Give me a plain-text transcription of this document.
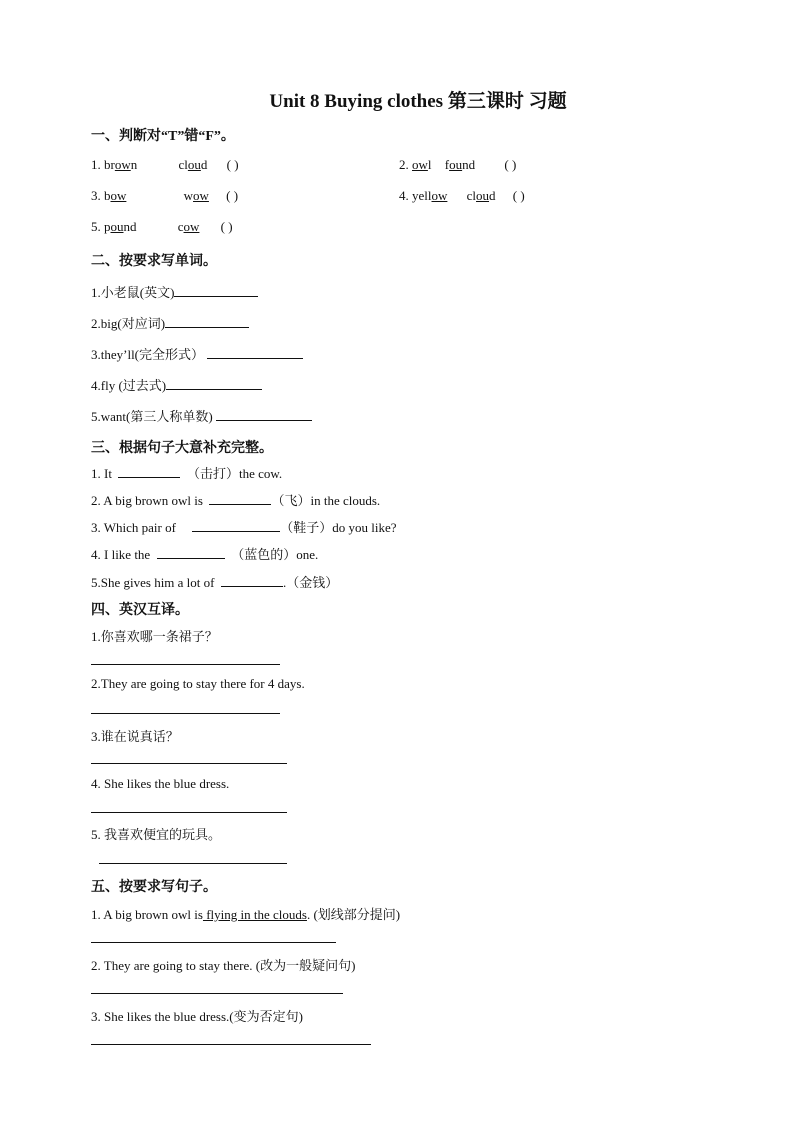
Unit 8 Buying clothes 第三课时 习题
一、判断对“T”错“F”。
1. brown	cloud ( )	2. owl found ( )
3. bow	wow ( )	4. yellow cloud ( )
5. pound	cow ( )
二、按要求写单词。
1.小老鼠(英文)
2.big(对应词)
3.they’ll(完全形式）
4.fly (过去式)
5.want(第三人称单数)
三、根据句子大意补充完整。
1. It	（击打）the cow.
2. A big brown owl is	（飞）in the clouds.
3. Which pair of	（鞋子）do you like?
4. I like the	（蓝色的）one.
5.She gives him a lot of	.（金钱）
四、英汉互译。
1.你喜欢哪一条裙子？
2.They are going to stay there for 4 days.
3.谁在说真话？
4. She likes the blue dress.
5. 我喜欢便宜的玩具。
五、按要求写句子。
1. A big brown owl is flying in the clouds. (划线部分提问)
2. They are going to stay there. (改为一般疑问句)
3. She likes the blue dress.(变为否定句)
